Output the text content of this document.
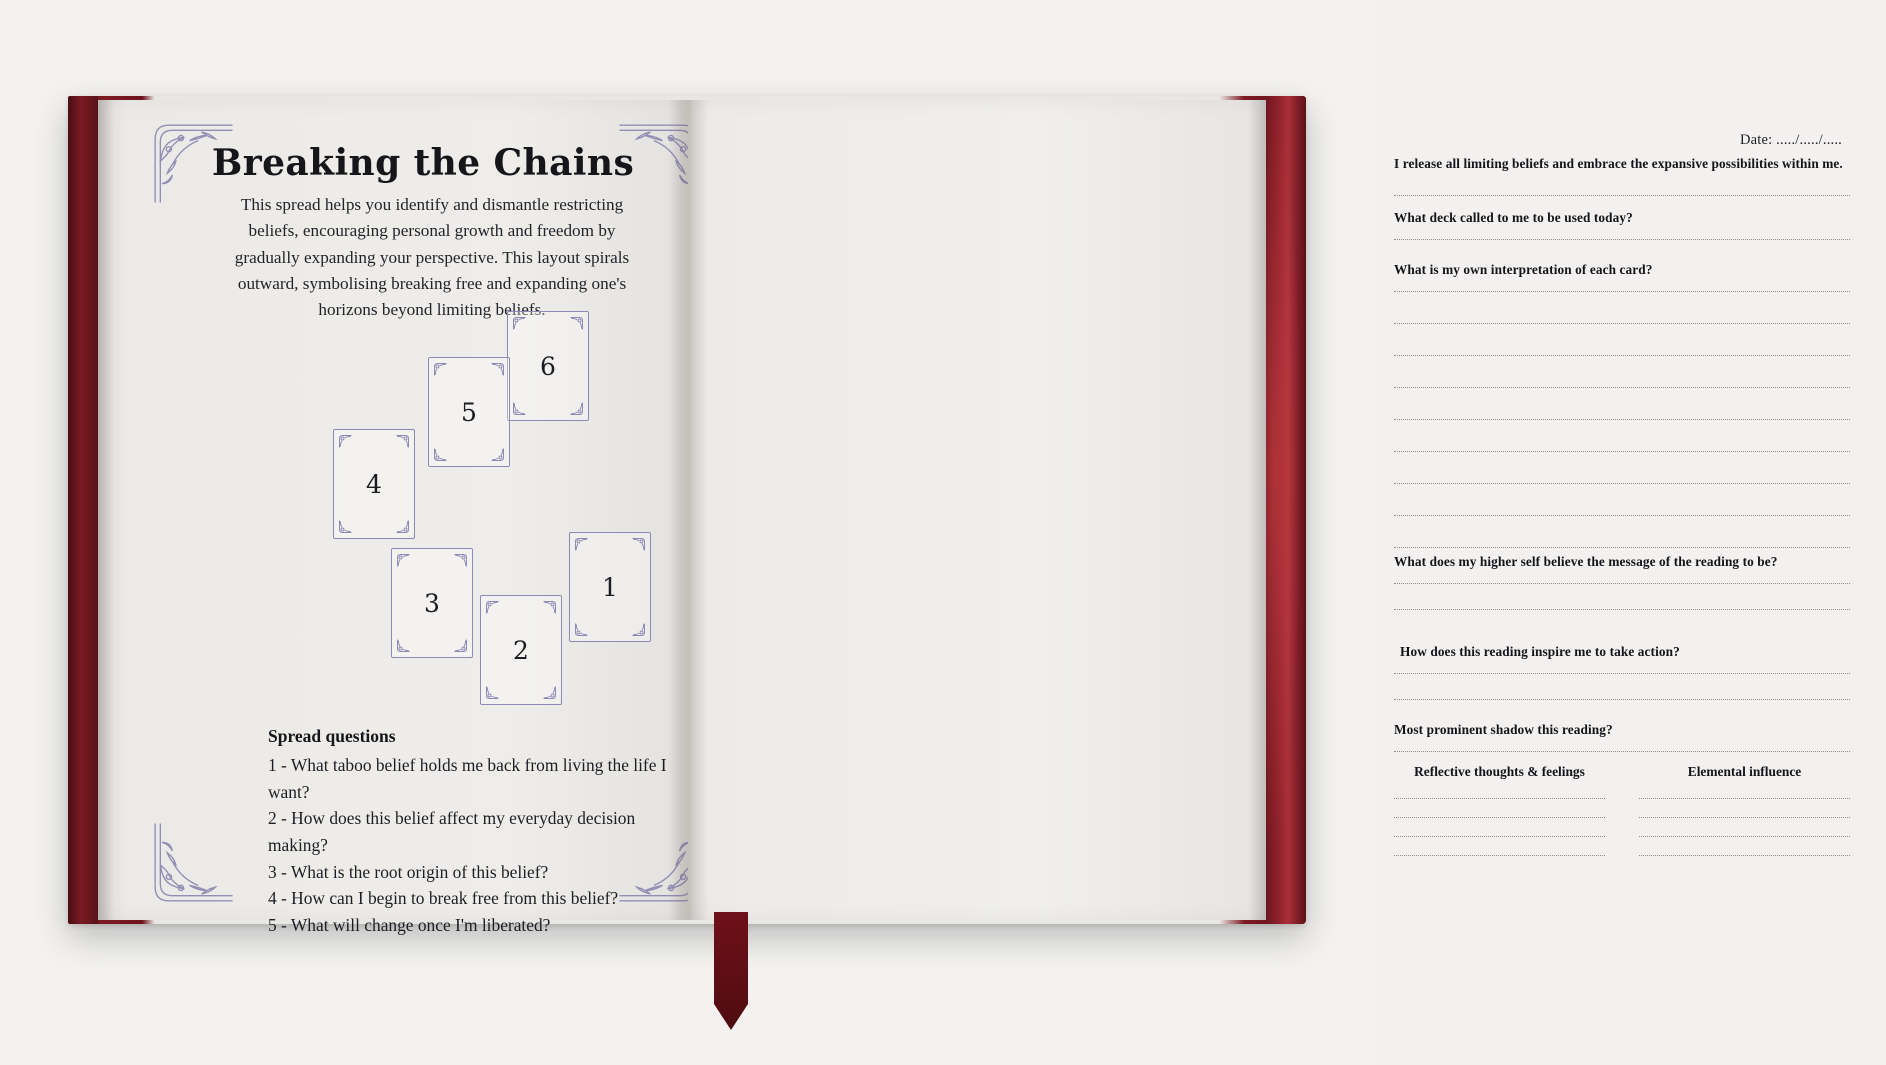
Breaking the Chains
This spread helps you identify and dismantle restricting beliefs, encouraging personal growth and freedom by gradually expanding your perspective. This layout spirals outward, symbolising breaking free and expanding one's horizons beyond limiting beliefs.
6
5
4
3
2
1
Spread questions
1 - What taboo belief holds me back from living the life I want?
2 - How does this belief affect my everyday decision making?
3 - What is the root origin of this belief?
4 - How can I begin to break free from this belief?
5 - What will change once I'm liberated?
Date: ...../...../.....
I release all limiting beliefs and embrace the expansive possibilities within me.
What deck called to me to be used today?
What is my own interpretation of each card?
What does my higher self believe the message of the reading to be?
How does this reading inspire me to take action?
Most prominent shadow this reading?
Reflective thoughts & feelings	Elemental influence
